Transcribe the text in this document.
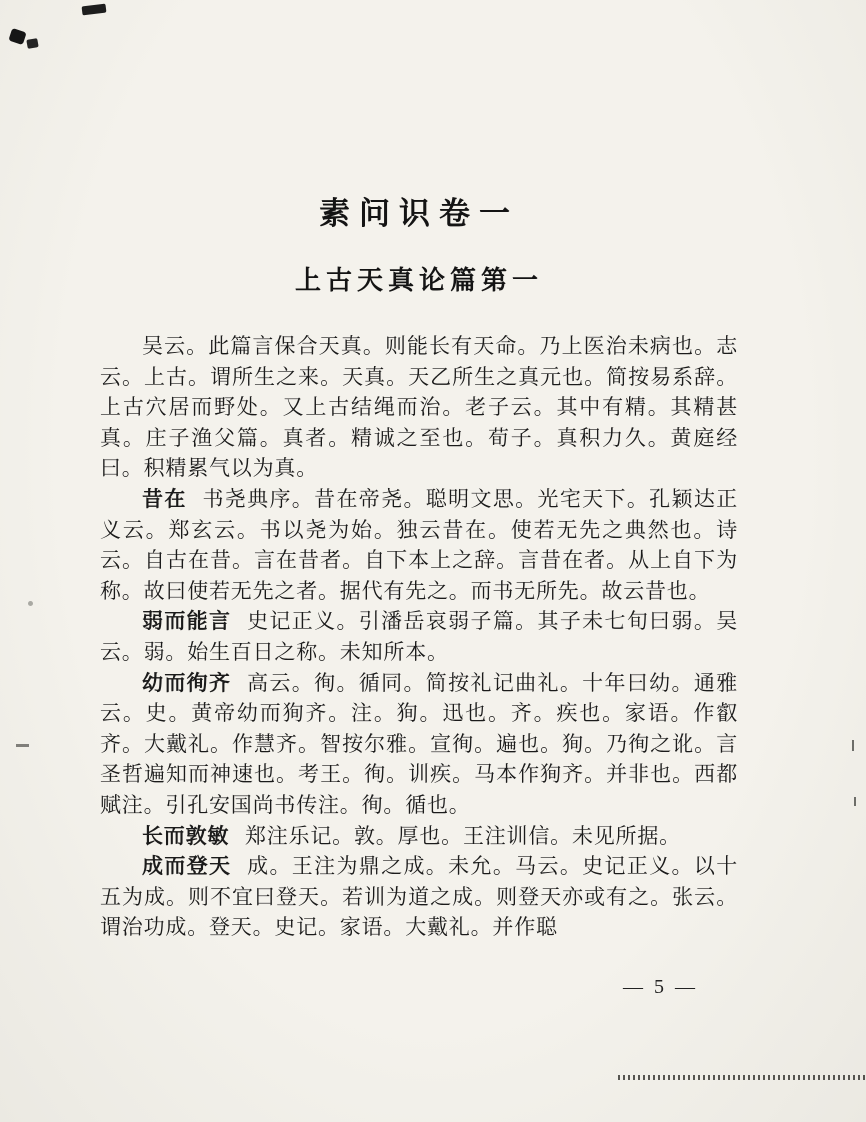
素问识卷一
上古天真论篇第一

吴云。此篇言保合天真。则能长有天命。乃上医治未病也。志云。上古。谓所生之来。天真。天乙所生之真元也。简按易系辞。上古穴居而野处。又上古结绳而治。老子云。其中有精。其精甚真。庄子渔父篇。真者。精诚之至也。荀子。真积力久。黄庭经曰。积精累气以为真。

昔在 书尧典序。昔在帝尧。聪明文思。光宅天下。孔颖达正义云。郑玄云。书以尧为始。独云昔在。使若无先之典然也。诗云。自古在昔。言在昔者。自下本上之辞。言昔在者。从上自下为称。故曰使若无先之者。据代有先之。而书无所先。故云昔也。

弱而能言 史记正义。引潘岳哀弱子篇。其子未七旬曰弱。吴云。弱。始生百日之称。未知所本。

幼而徇齐 高云。徇。循同。简按礼记曲礼。十年曰幼。通雅云。史。黄帝幼而狥齐。注。狥。迅也。齐。疾也。家语。作叡齐。大戴礼。作慧齐。智按尔雅。宣徇。遍也。狥。乃徇之讹。言圣哲遍知而神速也。考王。徇。训疾。马本作狥齐。并非也。西都赋注。引孔安国尚书传注。徇。循也。

长而敦敏 郑注乐记。敦。厚也。王注训信。未见所据。

成而登天 成。王注为鼎之成。未允。马云。史记正义。以十五为成。则不宜曰登天。若训为道之成。则登天亦或有之。张云。谓治功成。登天。史记。家语。大戴礼。并作聪

— 5 —
